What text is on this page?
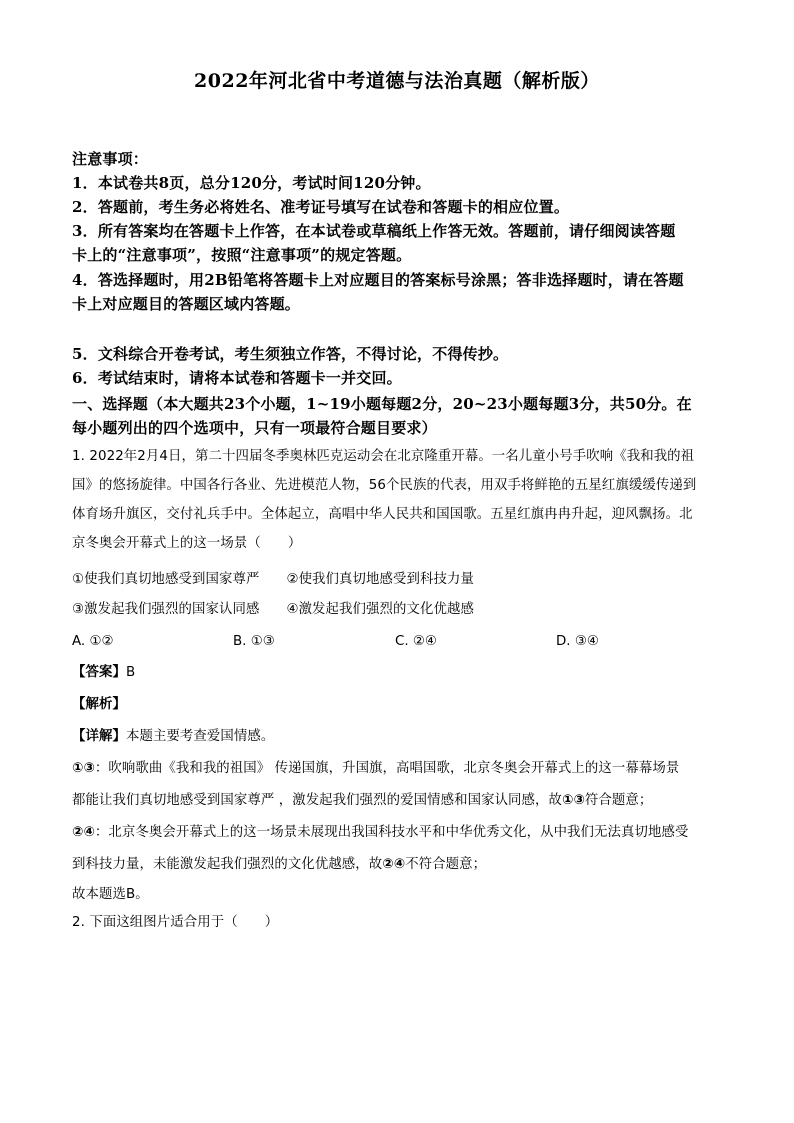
2022年河北省中考道德与法治真题（解析版）
注意事项：
1．本试卷共8页，总分120分，考试时间120分钟。
2．答题前，考生务必将姓名、准考证号填写在试卷和答题卡的相应位置。
3．所有答案均在答题卡上作答，在本试卷或草稿纸上作答无效。答题前，请仔细阅读答题
卡上的“注意事项”，按照“注意事项”的规定答题。
4．答选择题时，用2B铅笔将答题卡上对应题目的答案标号涂黑；答非选择题时，请在答题
卡上对应题目的答题区域内答题。
5．文科综合开卷考试，考生须独立作答，不得讨论，不得传抄。
6．考试结束时，请将本试卷和答题卡一并交回。
一、选择题（本大题共23个小题，1~19小题每题2分，20~23小题每题3分，共50分。在
每小题列出的四个选项中，只有一项最符合题目要求）
1. 2022年2月4日，第二十四届冬季奥林匹克运动会在北京隆重开幕。一名儿童小号手吹响《我和我的祖
国》的悠扬旋律。中国各行各业、先进模范人物，56个民族的代表，用双手将鲜艳的五星红旗缓缓传递到
体育场升旗区，交付礼兵手中。全体起立，高唱中华人民共和国国歌。五星红旗冉冉升起，迎风飘扬。北
京冬奥会开幕式上的这一场景（　　）
①使我们真切地感受到国家尊严　　②使我们真切地感受到科技力量
③激发起我们强烈的国家认同感　　④激发起我们强烈的文化优越感
A. ①②	B. ①③	C. ②④	D. ③④
【答案】B
【解析】
【详解】本题主要考查爱国情感。
①③：吹响歌曲《我和我的祖国》 传递国旗，升国旗，高唱国歌，北京冬奥会开幕式上的这一幕幕场景
都能让我们真切地感受到国家尊严 ，激发起我们强烈的爱国情感和国家认同感，故①③符合题意；
②④：北京冬奥会开幕式上的这一场景未展现出我国科技水平和中华优秀文化，从中我们无法真切地感受
到科技力量，未能激发起我们强烈的文化优越感，故②④不符合题意；
故本题选B。
2. 下面这组图片适合用于（　　）
